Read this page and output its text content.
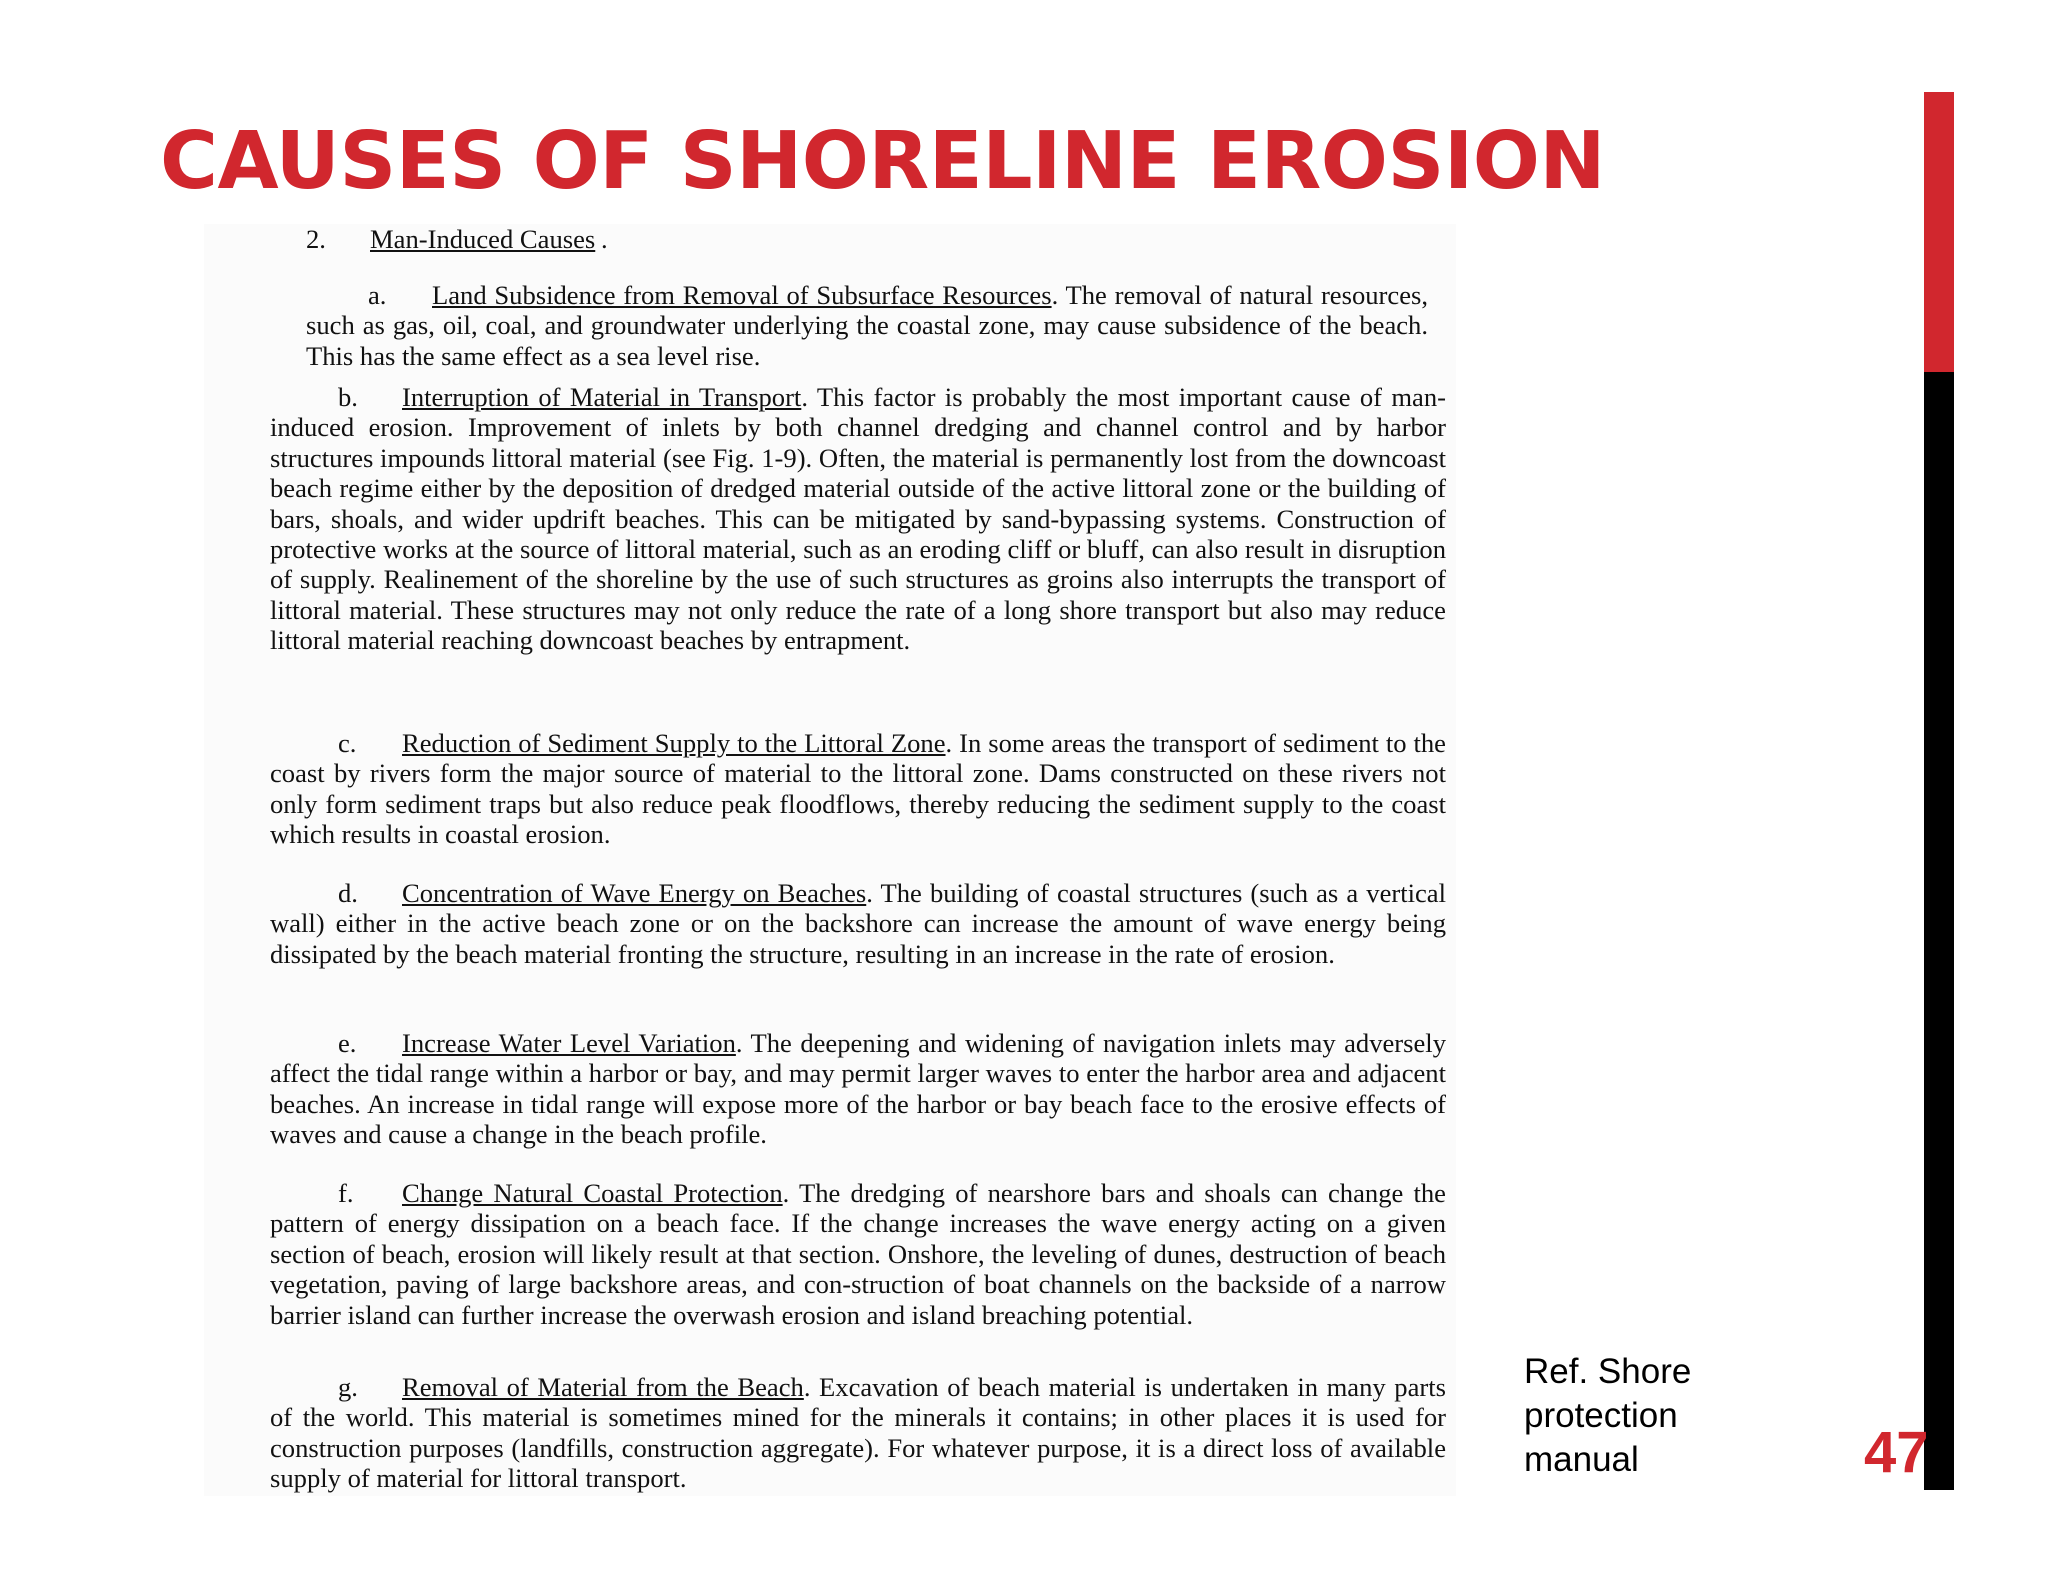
CAUSES OF SHORELINE EROSION
2. Man-Induced Causes .

a. Land Subsidence from Removal of Subsurface Resources. The removal of natural resources, such as gas, oil, coal, and groundwater underlying the coastal zone, may cause subsidence of the beach. This has the same effect as a sea level rise.

b. Interruption of Material in Transport. This factor is probably the most important cause of man-induced erosion. Improvement of inlets by both channel dredging and channel control and by harbor structures impounds littoral material (see Fig. 1-9). Often, the material is permanently lost from the downcoast beach regime either by the deposition of dredged material outside of the active littoral zone or the building of bars, shoals, and wider updrift beaches. This can be mitigated by sand-bypassing systems. Construction of protective works at the source of littoral material, such as an eroding cliff or bluff, can also result in disruption of supply. Realinement of the shoreline by the use of such structures as groins also interrupts the transport of littoral material. These structures may not only reduce the rate of a long shore transport but also may reduce littoral material reaching downcoast beaches by entrapment.

c. Reduction of Sediment Supply to the Littoral Zone. In some areas the transport of sediment to the coast by rivers form the major source of material to the littoral zone. Dams constructed on these rivers not only form sediment traps but also reduce peak floodflows, thereby reducing the sediment supply to the coast which results in coastal erosion.

d. Concentration of Wave Energy on Beaches. The building of coastal structures (such as a vertical wall) either in the active beach zone or on the backshore can increase the amount of wave energy being dissipated by the beach material fronting the structure, resulting in an increase in the rate of erosion.

e. Increase Water Level Variation. The deepening and widening of navigation inlets may adversely affect the tidal range within a harbor or bay, and may permit larger waves to enter the harbor area and adjacent beaches. An increase in tidal range will expose more of the harbor or bay beach face to the erosive effects of waves and cause a change in the beach profile.

f. Change Natural Coastal Protection. The dredging of nearshore bars and shoals can change the pattern of energy dissipation on a beach face. If the change increases the wave energy acting on a given section of beach, erosion will likely result at that section. Onshore, the leveling of dunes, destruction of beach vegetation, paving of large backshore areas, and con-struction of boat channels on the backside of a narrow barrier island can further increase the overwash erosion and island breaching potential.

g. Removal of Material from the Beach. Excavation of beach material is undertaken in many parts of the world. This material is sometimes mined for the minerals it contains; in other places it is used for construction purposes (landfills, construction aggregate). For whatever purpose, it is a direct loss of available supply of material for littoral transport.

Ref. Shore
protection
manual	47
